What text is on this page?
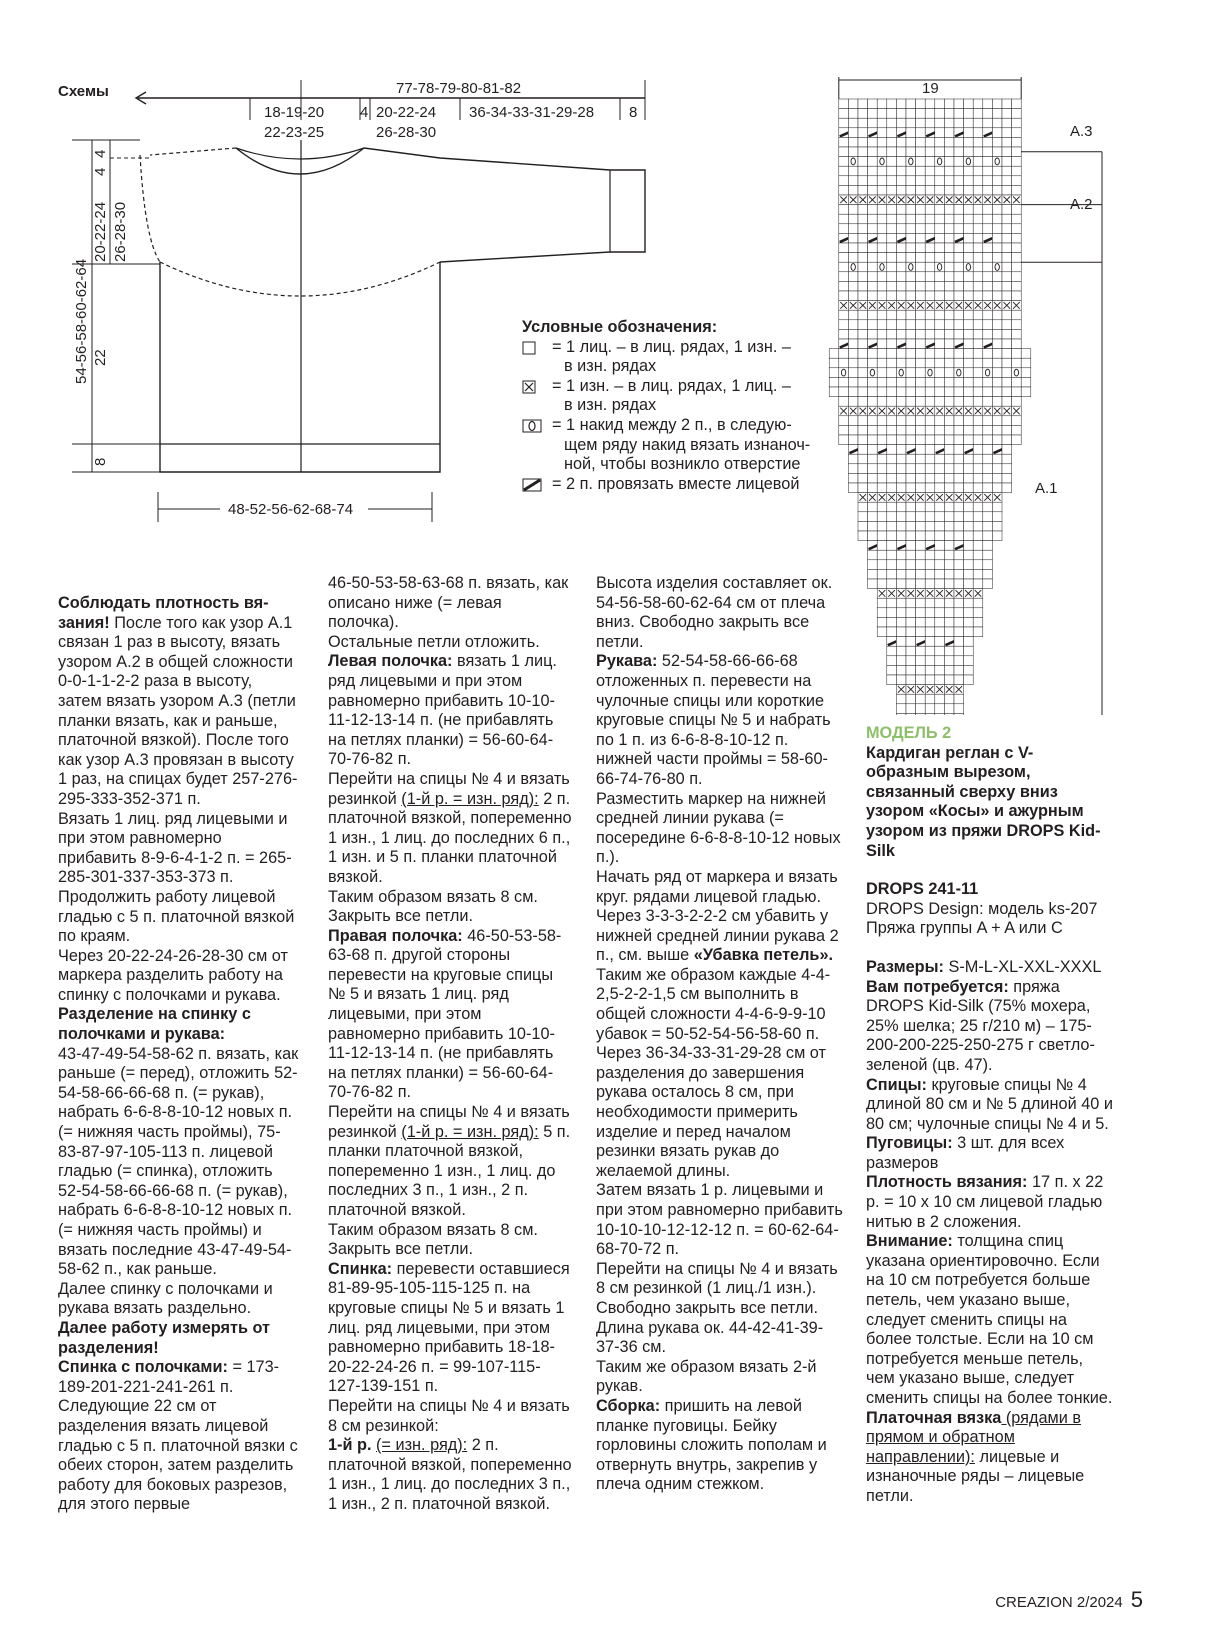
Схемы	77-78-79-80-81-82
18-19-20
22-23-25
4 20-22-24
26-28-30
36-34-33-31-29-28 8
4
4
20-22-24 26-28-30
54-56-58-60-62-64 22
8
48-52-56-62-68-74
Условные обозначения:
= 1 лиц. – в лиц. рядах, 1 изн. –
в изн. рядах
= 1 изн. – в лиц. рядах, 1 лиц. –
в изн. рядах
= 1 накид между 2 п., в следую-
щем ряду накид вязать изнаноч-
ной, чтобы возникло отверстие
= 2 п. провязать вместе лицевой
19
A.3
A.2
A.1

Соблюдать плотность вя-
зания! После того как узор А.1 связан 1 раз в высоту, вязать узором А.2 в общей сложности 0-0-1-1-2-2 раза в высоту, затем вязать узором А.3 (петли планки вязать, как и раньше, платочной вязкой). После того как узор А.3 провязан в высоту 1 раз, на спицах будет 257-276-295-333-352-371 п.

Вязать 1 лиц. ряд лицевыми и при этом равномерно прибавить 8-9-6-4-1-2 п. = 265-285-301-337-353-373 п.

Продолжить работу лицевой гладью с 5 п. платочной вязкой по краям.

Через 20-22-24-26-28-30 см от маркера разделить работу на спинку с полочками и рукава.

Разделение на спинку с полочками и рукава:

43-47-49-54-58-62 п. вязать, как раньше (= перед), отложить 52-54-58-66-66-68 п. (= рукав), набрать 6-6-8-8-10-12 новых п. (= нижняя часть проймы), 75-83-87-97-105-113 п. лицевой гладью (= спинка), отложить 52-54-58-66-66-68 п. (= рукав), набрать 6-6-8-8-10-12 новых п. (= нижняя часть проймы) и вязать последние 43-47-49-54-58-62 п., как раньше.

Далее спинку с полочками и рукава вязать раздельно.

Далее работу измерять от разделения!

Спинка с полочками: = 173-189-201-221-241-261 п.

Следующие 22 см от разделения вязать лицевой гладью с 5 п. платочной вязки с обеих сторон, затем разделить работу для боковых разрезов, для этого первые

46-50-53-58-63-68 п. вязать, как описано ниже (= левая полочка).

Остальные петли отложить.

Левая полочка: вязать 1 лиц. ряд лицевыми и при этом равномерно прибавить 10-10-11-12-13-14 п. (не прибавлять на петлях планки) = 56-60-64-70-76-82 п.

Перейти на спицы № 4 и вязать резинкой (1-й р. = изн. ряд): 2 п. платочной вязкой, попеременно 1 изн., 1 лиц. до последних 6 п., 1 изн. и 5 п. планки платочной вязкой.

Таким образом вязать 8 см. Закрыть все петли.

Правая полочка: 46-50-53-58-63-68 п. другой стороны перевести на круговые спицы № 5 и вязать 1 лиц. ряд лицевыми, при этом равномерно прибавить 10-10-11-12-13-14 п. (не прибавлять на петлях планки) = 56-60-64-70-76-82 п.

Перейти на спицы № 4 и вязать резинкой (1-й р. = изн. ряд): 5 п. планки платочной вязкой, попеременно 1 изн., 1 лиц. до последних 3 п., 1 изн., 2 п. платочной вязкой.

Таким образом вязать 8 см. Закрыть все петли.

Спинка: перевести оставшиеся 81-89-95-105-115-125 п. на круговые спицы № 5 и вязать 1 лиц. ряд лицевыми, при этом равномерно прибавить 18-18-20-22-24-26 п. = 99-107-115-127-139-151 п.

Перейти на спицы № 4 и вязать 8 см резинкой:

1-й р. (= изн. ряд): 2 п. платочной вязкой, попеременно 1 изн., 1 лиц. до последних 3 п., 1 изн., 2 п. платочной вязкой.

Высота изделия составляет ок. 54-56-58-60-62-64 см от плеча вниз. Свободно закрыть все петли.

Рукава: 52-54-58-66-66-68 отложенных п. перевести на чулочные спицы или короткие круговые спицы № 5 и набрать по 1 п. из 6-6-8-8-10-12 п. нижней части проймы = 58-60-66-74-76-80 п.

Разместить маркер на нижней средней линии рукава (= посередине 6-6-8-8-10-12 новых п.).

Начать ряд от маркера и вязать круг. рядами лицевой гладью.

Через 3-3-3-2-2-2 см убавить у нижней средней линии рукава 2 п., см. выше «Убавка петель».

Таким же образом каждые 4-4-2,5-2-2-1,5 см выполнить в общей сложности 4-4-6-9-9-10 убавок = 50-52-54-56-58-60 п.

Через 36-34-33-31-29-28 см от разделения до завершения рукава осталось 8 см, при необходимости примерить изделие и перед началом резинки вязать рукав до желаемой длины.

Затем вязать 1 р. лицевыми и при этом равномерно прибавить 10-10-10-12-12-12 п. = 60-62-64-68-70-72 п.

Перейти на спицы № 4 и вязать 8 см резинкой (1 лиц./1 изн.). Свободно закрыть все петли. Длина рукава ок. 44-42-41-39-37-36 см.

Таким же образом вязать 2-й рукав.

Сборка: пришить на левой планке пуговицы. Бейку горловины сложить пополам и отвернуть внутрь, закрепив у плеча одним стежком.

МОДЕЛЬ 2
Кардиган реглан с V-образным вырезом, связанный сверху вниз узором «Косы» и ажурным узором из пряжи DROPS Kid-Silk
DROPS 241-11
DROPS Design: модель ks-207
Пряжа группы A + A или C
Размеры: S-M-L-XL-XXL-XXXL
Вам потребуется: пряжа DROPS Kid-Silk (75% мохера, 25% шелка; 25 г/210 м) – 175-200-200-225-250-275 г светло-зеленой (цв. 47).
Спицы: круговые спицы № 4 длиной 80 см и № 5 длиной 40 и 80 см; чулочные спицы № 4 и 5.
Пуговицы: 3 шт. для всех размеров
Плотность вязания: 17 п. х 22 р. = 10 х 10 см лицевой гладью нитью в 2 сложения.
Внимание: толщина спиц указана ориентировочно. Если на 10 см потребуется больше петель, чем указано выше, следует сменить спицы на более толстые. Если на 10 см потребуется меньше петель, чем указано выше, следует сменить спицы на более тонкие.
Платочная вязка (рядами в прямом и обратном направлении): лицевые и изнаночные ряды – лицевые петли.
CREAZION 2/2024 5
